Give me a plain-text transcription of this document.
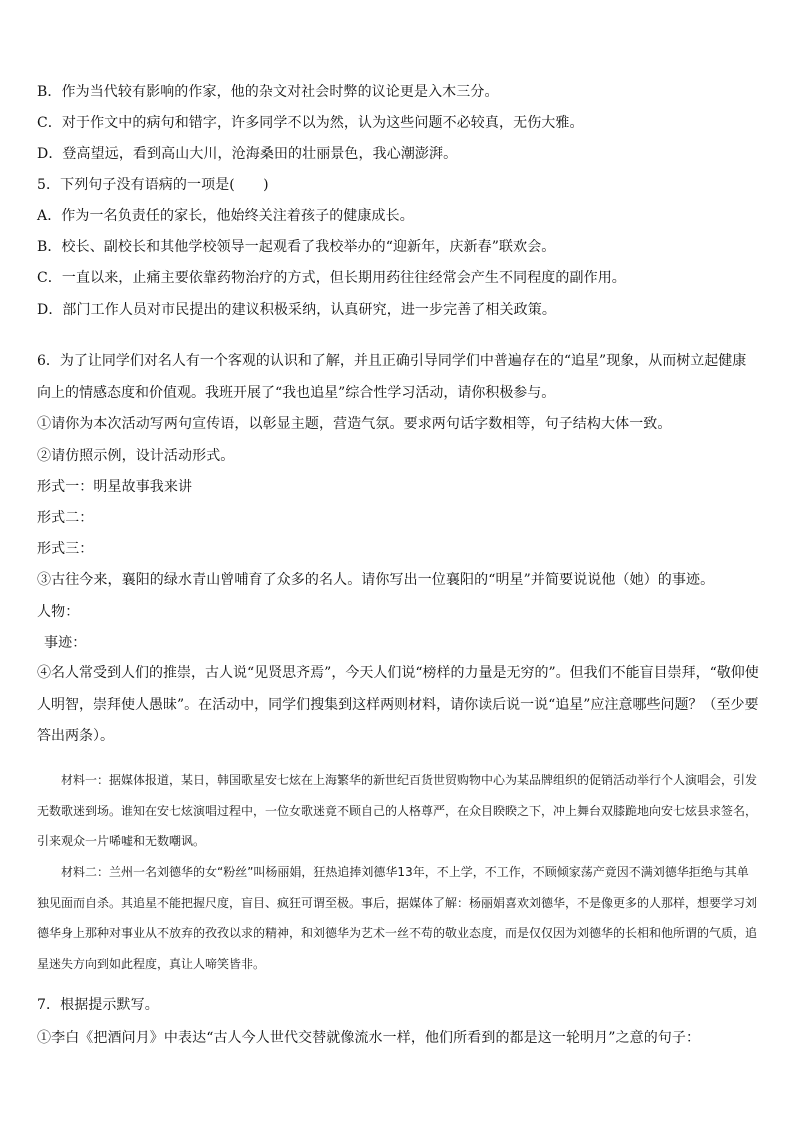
B．作为当代较有影响的作家，他的杂文对社会时弊的议论更是入木三分。
C．对于作文中的病句和错字，许多同学不以为然，认为这些问题不必较真，无伤大雅。
D．登高望远，看到高山大川，沧海桑田的壮丽景色，我心潮澎湃。
5．下列句子没有语病的一项是(　　)
A．作为一名负责任的家长，他始终关注着孩子的健康成长。
B．校长、副校长和其他学校领导一起观看了我校举办的“迎新年，庆新春”联欢会。
C．一直以来，止痛主要依靠药物治疗的方式，但长期用药往往经常会产生不同程度的副作用。
D．部门工作人员对市民提出的建议积极采纳，认真研究，进一步完善了相关政策。
6．为了让同学们对名人有一个客观的认识和了解，并且正确引导同学们中普遍存在的“追星”现象，从而树立起健康向上的情感态度和价值观。我班开展了“我也追星”综合性学习活动，请你积极参与。
①请你为本次活动写两句宣传语，以彰显主题，营造气氛。要求两句话字数相等，句子结构大体一致。
②请仿照示例，设计活动形式。
形式一：明星故事我来讲
形式二：
形式三：
③古往今来，襄阳的绿水青山曾哺育了众多的名人。请你写出一位襄阳的“明星”并简要说说他（她）的事迹。
人物：
事迹：
④名人常受到人们的推崇，古人说“见贤思齐焉”，今天人们说“榜样的力量是无穷的”。但我们不能盲目崇拜，“敬仰使人明智，崇拜使人愚昧”。在活动中，同学们搜集到这样两则材料，请你读后说一说“追星”应注意哪些问题？（至少要答出两条）。
材料一：据媒体报道，某日，韩国歌星安七炫在上海繁华的新世纪百货世贸购物中心为某品牌组织的促销活动举行个人演唱会，引发无数歌迷到场。谁知在安七炫演唱过程中，一位女歌迷竟不顾自己的人格尊严，在众目睽睽之下，冲上舞台双膝跪地向安七炫县求签名，引来观众一片唏嘘和无数嘲讽。
材料二：兰州一名刘德华的女“粉丝”叫杨丽娟，狂热追捧刘德华13年，不上学，不工作，不顾倾家荡产竟因不满刘德华拒绝与其单独见面而自杀。其追星不能把握尺度，盲目、疯狂可谓至极。事后，据媒体了解：杨丽娟喜欢刘德华，不是像更多的人那样，想要学习刘德华身上那种对事业从不放弃的孜孜以求的精神，和刘德华为艺术一丝不苟的敬业态度，而是仅仅因为刘德华的长相和他所谓的气质，追星迷失方向到如此程度，真让人啼笑皆非。
7．根据提示默写。
①李白《把酒问月》中表达“古人今人世代交替就像流水一样，他们所看到的都是这一轮明月”之意的句子：
